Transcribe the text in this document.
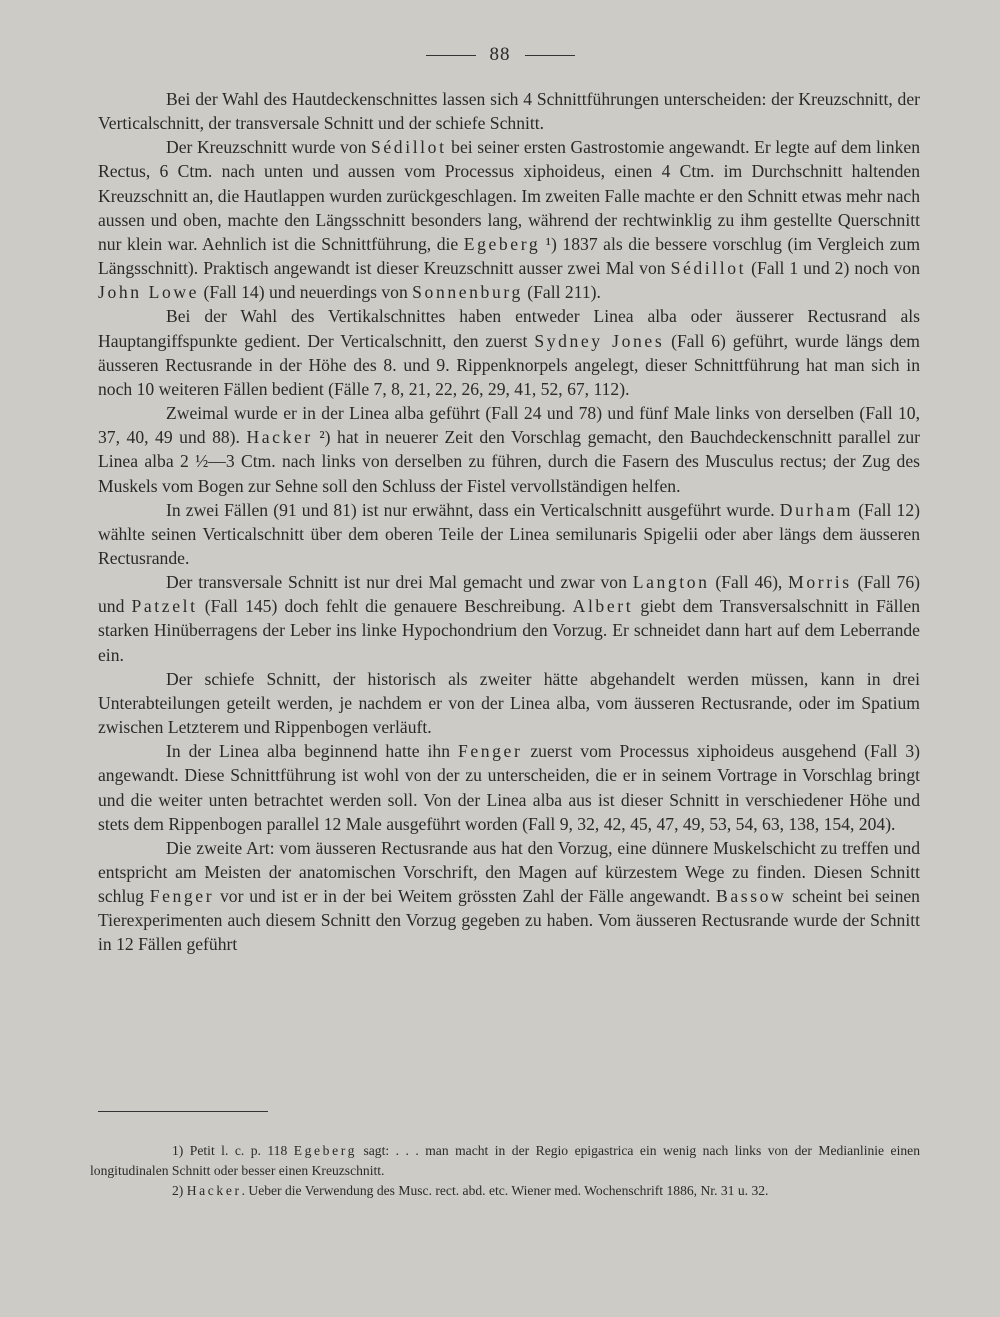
88

Bei der Wahl des Hautdeckenschnittes lassen sich 4 Schnittführungen unterscheiden: der Kreuzschnitt, der Verticalschnitt, der transversale Schnitt und der schiefe Schnitt.

Der Kreuzschnitt wurde von Sédillot bei seiner ersten Gastrostomie angewandt. Er legte auf dem linken Rectus, 6 Ctm. nach unten und aussen vom Processus xiphoideus, einen 4 Ctm. im Durchschnitt haltenden Kreuzschnitt an, die Hautlappen wurden zurückgeschlagen. Im zweiten Falle machte er den Schnitt etwas mehr nach aussen und oben, machte den Längsschnitt besonders lang, während der rechtwinklig zu ihm gestellte Querschnitt nur klein war. Aehnlich ist die Schnittführung, die Egeberg ¹) 1837 als die bessere vorschlug (im Vergleich zum Längsschnitt). Praktisch angewandt ist dieser Kreuzschnitt ausser zwei Mal von Sédillot (Fall 1 und 2) noch von John Lowe (Fall 14) und neuerdings von Sonnenburg (Fall 211).

Bei der Wahl des Vertikalschnittes haben entweder Linea alba oder äusserer Rectusrand als Hauptangiffspunkte gedient. Der Verticalschnitt, den zuerst Sydney Jones (Fall 6) geführt, wurde längs dem äusseren Rectusrande in der Höhe des 8. und 9. Rippenknorpels angelegt, dieser Schnittführung hat man sich in noch 10 weiteren Fällen bedient (Fälle 7, 8, 21, 22, 26, 29, 41, 52, 67, 112).

Zweimal wurde er in der Linea alba geführt (Fall 24 und 78) und fünf Male links von derselben (Fall 10, 37, 40, 49 und 88). Hacker ²) hat in neuerer Zeit den Vorschlag gemacht, den Bauchdeckenschnitt parallel zur Linea alba 2 ½—3 Ctm. nach links von derselben zu führen, durch die Fasern des Musculus rectus; der Zug des Muskels vom Bogen zur Sehne soll den Schluss der Fistel vervollständigen helfen.

In zwei Fällen (91 und 81) ist nur erwähnt, dass ein Verticalschnitt ausgeführt wurde. Durham (Fall 12) wählte seinen Verticalschnitt über dem oberen Teile der Linea semilunaris Spigelii oder aber längs dem äusseren Rectusrande.

Der transversale Schnitt ist nur drei Mal gemacht und zwar von Langton (Fall 46), Morris (Fall 76) und Patzelt (Fall 145) doch fehlt die genauere Beschreibung. Albert giebt dem Transversalschnitt in Fällen starken Hinüberragens der Leber ins linke Hypochondrium den Vorzug. Er schneidet dann hart auf dem Leberrande ein.

Der schiefe Schnitt, der historisch als zweiter hätte abgehandelt werden müssen, kann in drei Unterabteilungen geteilt werden, je nachdem er von der Linea alba, vom äusseren Rectusrande, oder im Spatium zwischen Letzterem und Rippenbogen verläuft.

In der Linea alba beginnend hatte ihn Fenger zuerst vom Processus xiphoideus ausgehend (Fall 3) angewandt. Diese Schnittführung ist wohl von der zu unterscheiden, die er in seinem Vortrage in Vorschlag bringt und die weiter unten betrachtet werden soll. Von der Linea alba aus ist dieser Schnitt in verschiedener Höhe und stets dem Rippenbogen parallel 12 Male ausgeführt worden (Fall 9, 32, 42, 45, 47, 49, 53, 54, 63, 138, 154, 204).

Die zweite Art: vom äusseren Rectusrande aus hat den Vorzug, eine dünnere Muskelschicht zu treffen und entspricht am Meisten der anatomischen Vorschrift, den Magen auf kürzestem Wege zu finden. Diesen Schnitt schlug Fenger vor und ist er in der bei Weitem grössten Zahl der Fälle angewandt. Bassow scheint bei seinen Tierexperimenten auch diesem Schnitt den Vorzug gegeben zu haben. Vom äusseren Rectusrande wurde der Schnitt in 12 Fällen geführt

1) Petit l. c. p. 118 Egeberg sagt: . . . man macht in der Regio epigastrica ein wenig nach links von der Medianlinie einen longitudinalen Schnitt oder besser einen Kreuzschnitt.

2) Hacker. Ueber die Verwendung des Musc. rect. abd. etc. Wiener med. Wochenschrift 1886, Nr. 31 u. 32.
